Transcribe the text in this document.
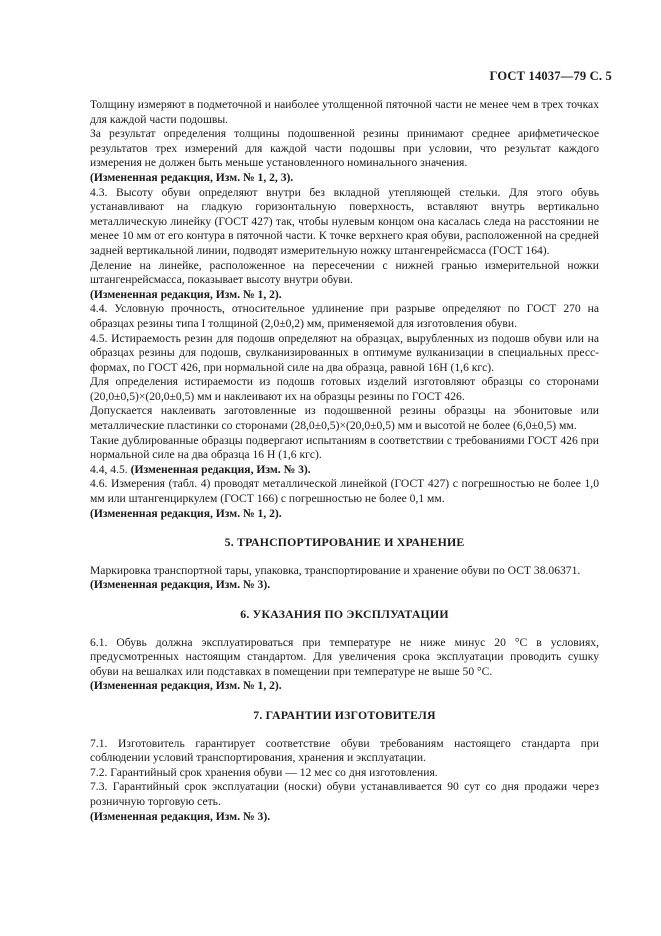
ГОСТ 14037—79 С. 5

Толщину измеряют в подметочной и наиболее утолщенной пяточной части не менее чем в трех точках для каждой части подошвы.

За результат определения толщины подошвенной резины принимают среднее арифметическое результатов трех измерений для каждой части подошвы при условии, что результат каждого измерения не должен быть меньше установленного номинального значения.

(Измененная редакция, Изм. № 1, 2, 3).

4.3. Высоту обуви определяют внутри без вкладной утепляющей стельки. Для этого обувь устанавливают на гладкую горизонтальную поверхность, вставляют внутрь вертикально металлическую линейку (ГОСТ 427) так, чтобы нулевым концом она касалась следа на расстоянии не менее 10 мм от его контура в пяточной части. К точке верхнего края обуви, расположенной на средней задней вертикальной линии, подводят измерительную ножку штангенрейсмасса (ГОСТ 164).

Деление на линейке, расположенное на пересечении с нижней гранью измерительной ножки штангенрейсмасса, показывает высоту внутри обуви.

(Измененная редакция, Изм. № 1, 2).

4.4. Условную прочность, относительное удлинение при разрыве определяют по ГОСТ 270 на образцах резины типа I толщиной (2,0±0,2) мм, применяемой для изготовления обуви.

4.5. Истираемость резин для подошв определяют на образцах, вырубленных из подошв обуви или на образцах резины для подошв, свулканизированных в оптимуме вулканизации в специальных пресс-формах, по ГОСТ 426, при нормальной силе на два образца, равной 16Н (1,6 кгс).

Для определения истираемости из подошв готовых изделий изготовляют образцы со сторонами (20,0±0,5)×(20,0±0,5) мм и наклеивают их на образцы резины по ГОСТ 426.

Допускается наклеивать заготовленные из подошвенной резины образцы на эбонитовые или металлические пластинки со сторонами (28,0±0,5)×(20,0±0,5) мм и высотой не более (6,0±0,5) мм.

Такие дублированные образцы подвергают испытаниям в соответствии с требованиями ГОСТ 426 при нормальной силе на два образца 16 Н (1,6 кгс).

4.4, 4.5. (Измененная редакция, Изм. № 3).

4.6. Измерения (табл. 4) проводят металлической линейкой (ГОСТ 427) с погрешностью не более 1,0 мм или штангенциркулем (ГОСТ 166) с погрешностью не более 0,1 мм.

(Измененная редакция, Изм. № 1, 2).

5. ТРАНСПОРТИРОВАНИЕ И ХРАНЕНИЕ

Маркировка транспортной тары, упаковка, транспортирование и хранение обуви по ОСТ 38.06371.

(Измененная редакция, Изм. № 3).

6. УКАЗАНИЯ ПО ЭКСПЛУАТАЦИИ

6.1. Обувь должна эксплуатироваться при температуре не ниже минус 20 °С в условиях, предусмотренных настоящим стандартом. Для увеличения срока эксплуатации проводить сушку обуви на вешалках или подставках в помещении при температуре не выше 50 °С.

(Измененная редакция, Изм. № 1, 2).

7. ГАРАНТИИ ИЗГОТОВИТЕЛЯ

7.1. Изготовитель гарантирует соответствие обуви требованиям настоящего стандарта при соблюдении условий транспортирования, хранения и эксплуатации.

7.2. Гарантийный срок хранения обуви — 12 мес со дня изготовления.

7.3. Гарантийный срок эксплуатации (носки) обуви устанавливается 90 сут со дня продажи через розничную торговую сеть.

(Измененная редакция, Изм. № 3).
